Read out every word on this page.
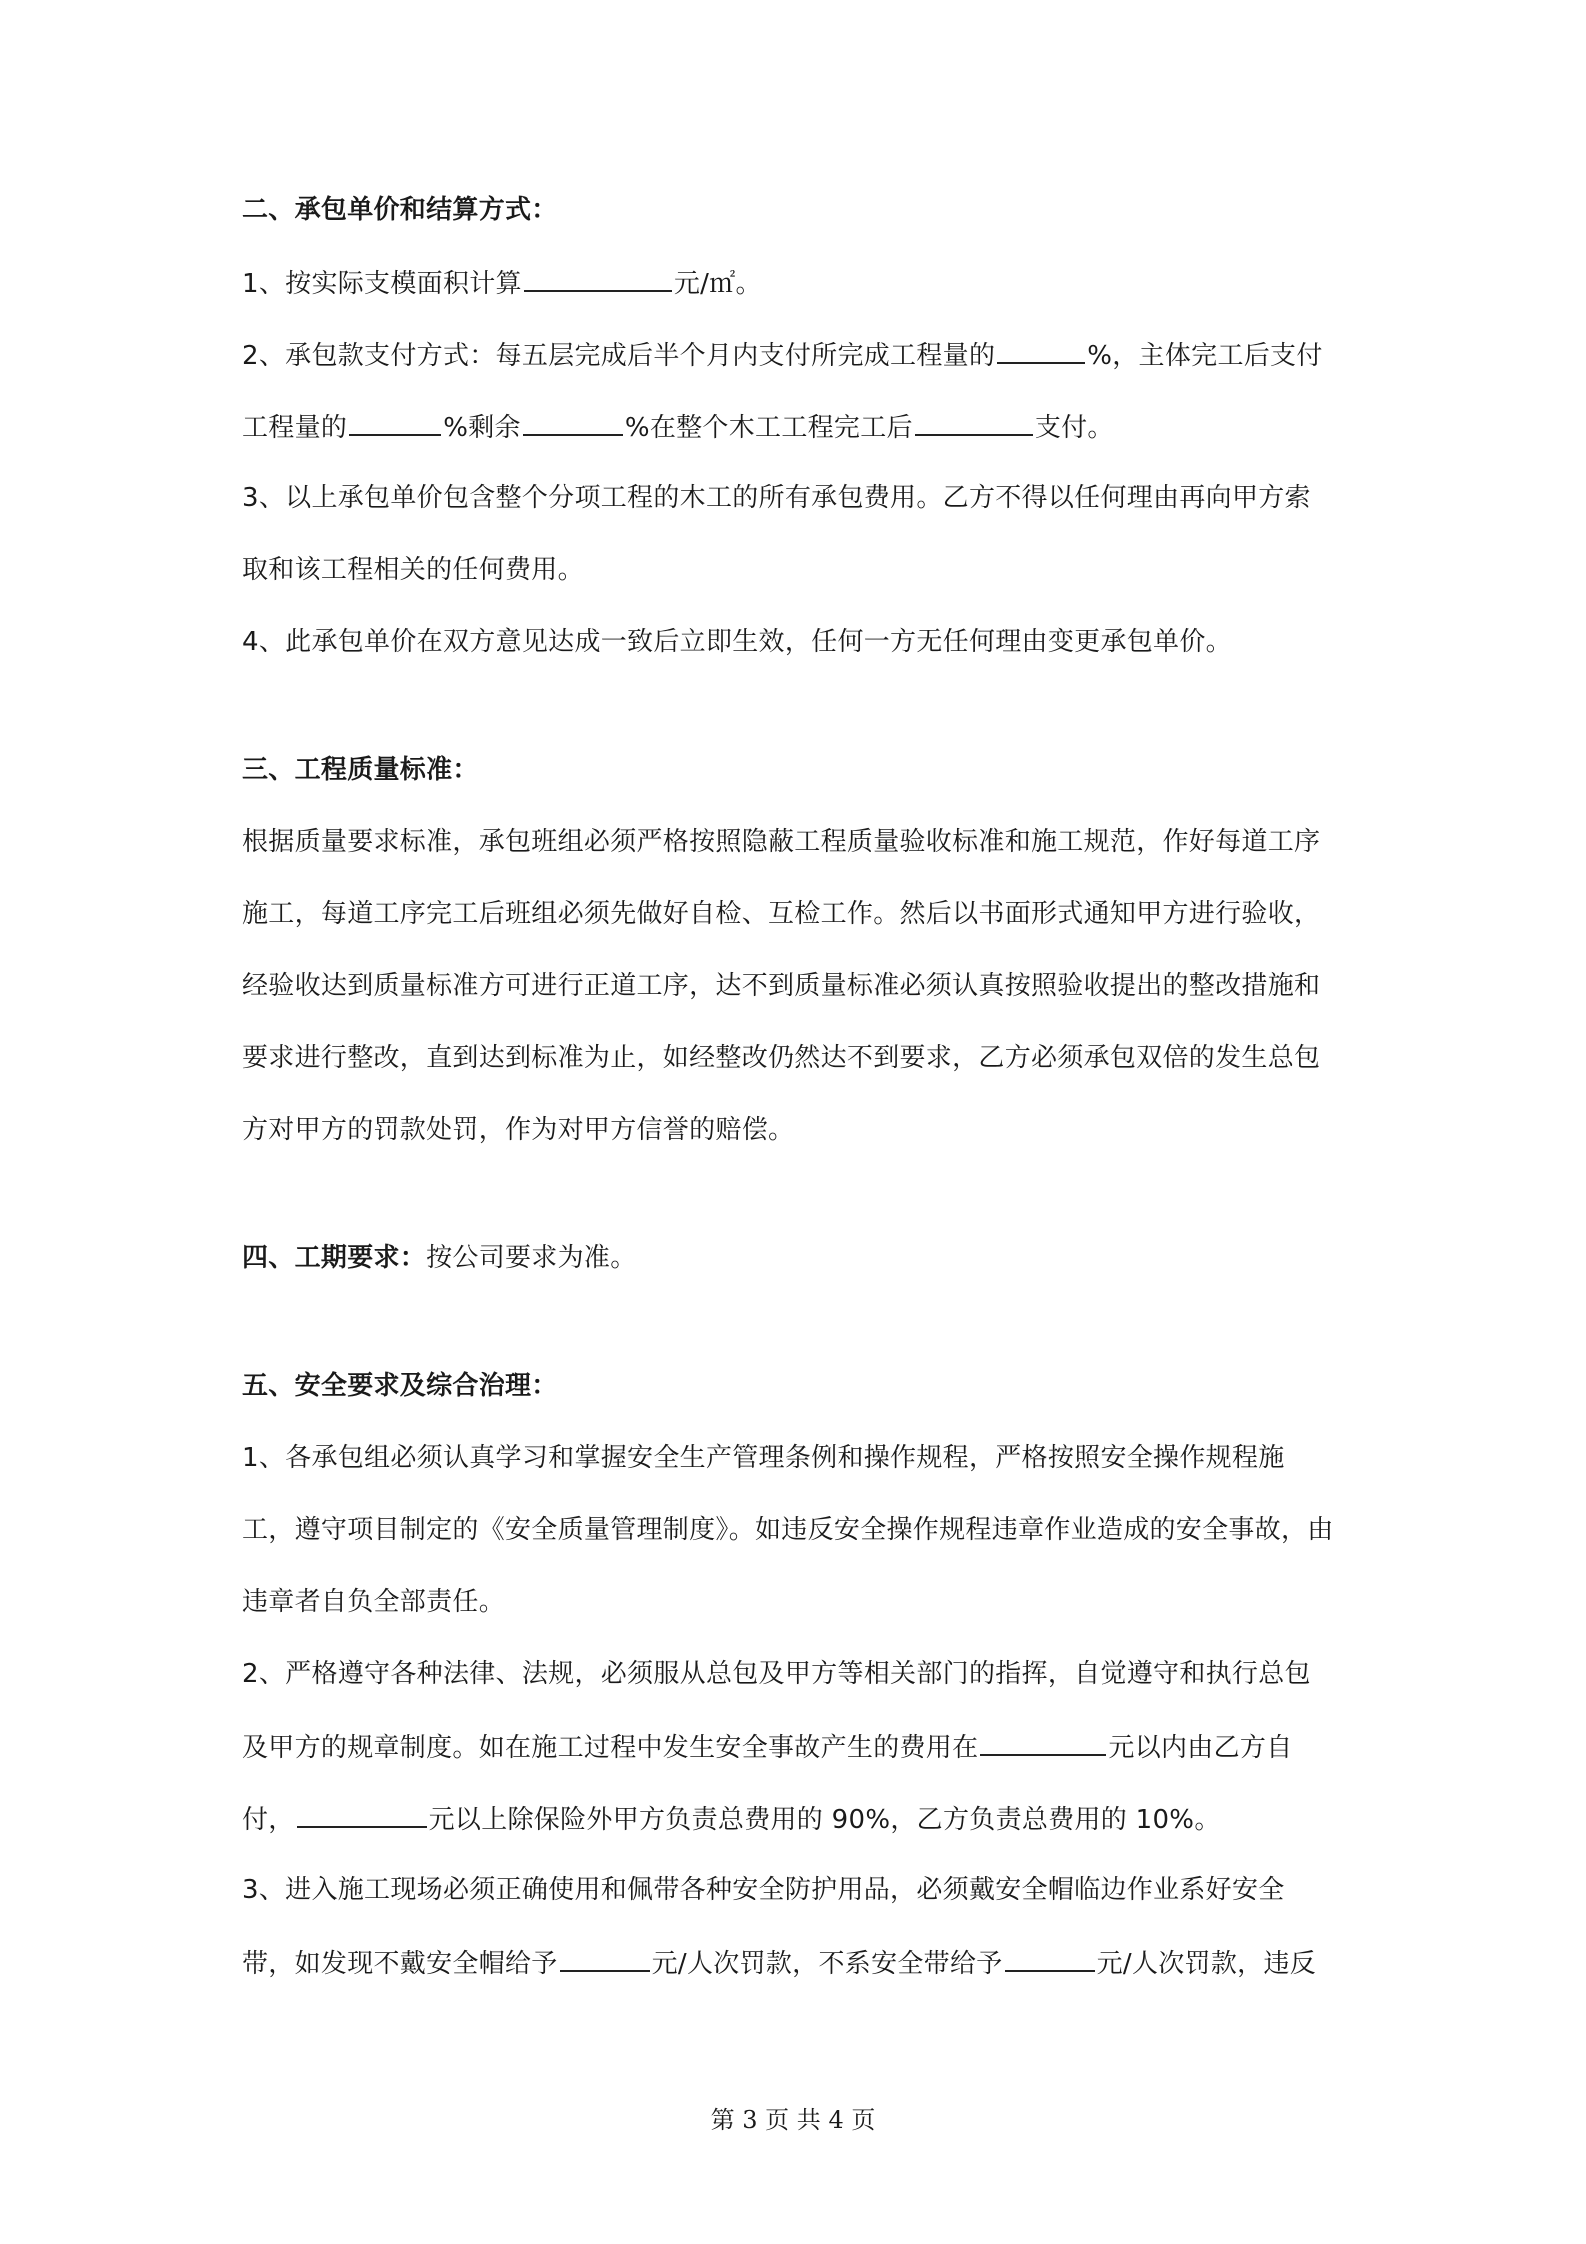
二、承包单价和结算方式：
1、按实际支模面积计算	元/㎡。
2、承包款支付方式：每五层完成后半个月内支付所完成工程量的	%，主体完工后支付
工程量的	%剩余	%在整个木工工程完工后	支付。
3、以上承包单价包含整个分项工程的木工的所有承包费用。乙方不得以任何理由再向甲方索
取和该工程相关的任何费用。
4、此承包单价在双方意见达成一致后立即生效，任何一方无任何理由变更承包单价。
三、工程质量标准：
根据质量要求标准，承包班组必须严格按照隐蔽工程质量验收标准和施工规范，作好每道工序
施工，每道工序完工后班组必须先做好自检、互检工作。然后以书面形式通知甲方进行验收，
经验收达到质量标准方可进行正道工序，达不到质量标准必须认真按照验收提出的整改措施和
要求进行整改，直到达到标准为止，如经整改仍然达不到要求，乙方必须承包双倍的发生总包
方对甲方的罚款处罚，作为对甲方信誉的赔偿。
四、工期要求：按公司要求为准。
五、安全要求及综合治理：
1、各承包组必须认真学习和掌握安全生产管理条例和操作规程，严格按照安全操作规程施
工，遵守项目制定的《安全质量管理制度》。如违反安全操作规程违章作业造成的安全事故，由
违章者自负全部责任。
2、严格遵守各种法律、法规，必须服从总包及甲方等相关部门的指挥，自觉遵守和执行总包
及甲方的规章制度。如在施工过程中发生安全事故产生的费用在	元以内由乙方自
付，	元以上除保险外甲方负责总费用的 90%，乙方负责总费用的 10%。
3、进入施工现场必须正确使用和佩带各种安全防护用品，必须戴安全帽临边作业系好安全
带，如发现不戴安全帽给予	元/人次罚款，不系安全带给予	元/人次罚款，违反
第 3 页 共 4 页
